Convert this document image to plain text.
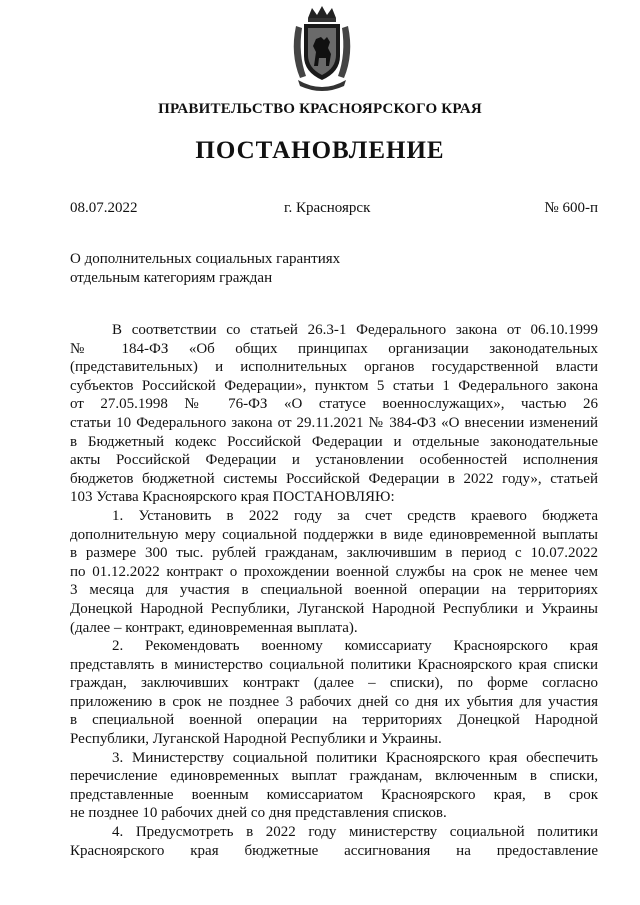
ПРАВИТЕЛЬСТВО КРАСНОЯРСКОГО КРАЯ
ПОСТАНОВЛЕНИЕ
08.07.2022	г. Красноярск	№ 600-п
О дополнительных социальных гарантиях
отдельным категориям граждан

В соответствии со статьей 26.3-1 Федерального закона от 06.10.1999

№ 184-ФЗ «Об общих принципах организации законодательных

(представительных) и исполнительных органов государственной власти

субъектов Российской Федерации», пунктом 5 статьи 1 Федерального закона

от 27.05.1998 № 76-ФЗ «О статусе военнослужащих», частью 26

статьи 10 Федерального закона от 29.11.2021 № 384-ФЗ «О внесении изменений

в Бюджетный кодекс Российской Федерации и отдельные законодательные

акты Российской Федерации и установлении особенностей исполнения

бюджетов бюджетной системы Российской Федерации в 2022 году», статьей

103 Устава Красноярского края ПОСТАНОВЛЯЮ:

1. Установить в 2022 году за счет средств краевого бюджета

дополнительную меру социальной поддержки в виде единовременной выплаты

в размере 300 тыс. рублей гражданам, заключившим в период с 10.07.2022

по 01.12.2022 контракт о прохождении военной службы на срок не менее чем

3 месяца для участия в специальной военной операции на территориях

Донецкой Народной Республики, Луганской Народной Республики и Украины

(далее – контракт, единовременная выплата).

2. Рекомендовать военному комиссариату Красноярского края

представлять в министерство социальной политики Красноярского края списки

граждан, заключивших контракт (далее – списки), по форме согласно

приложению в срок не позднее 3 рабочих дней со дня их убытия для участия

в специальной военной операции на территориях Донецкой Народной

Республики, Луганской Народной Республики и Украины.

3. Министерству социальной политики Красноярского края обеспечить

перечисление единовременных выплат гражданам, включенным в списки,

представленные военным комиссариатом Красноярского края, в срок

не позднее 10 рабочих дней со дня представления списков.

4. Предусмотреть в 2022 году министерству социальной политики

Красноярского края бюджетные ассигнования на предоставление
